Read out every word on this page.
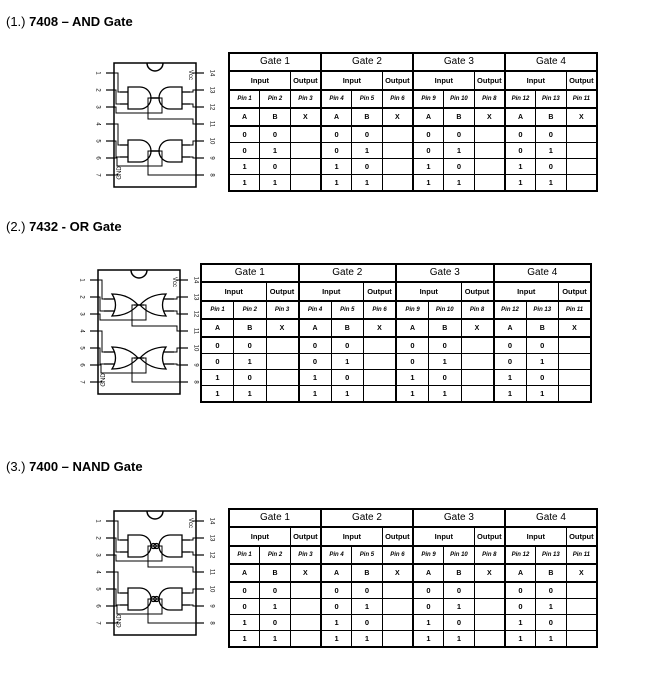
(1.) 7408 – AND Gate
(2.) 7432 - OR Gate
(3.) 7400 – NAND Gate
1	14
2	13
3	12
4	11
5	10
6	9
7	8
Vcc
GND
1	14
2	13
3	12
4	11
5	10
6	9
7	8
Vcc
GND
1	14
2	13
3	12
4	11
5	10
6	9
7	8
Vcc
GND
Gate 1			Gate 2			Gate 3			Gate 4		
Input		Output	Input		Output	Input		Output	Input		Output
Pin 1	Pin 2	Pin 3	Pin 4	Pin 5	Pin 6	Pin 9	Pin 10	Pin 8	Pin 12	Pin 13	Pin 11
A	B	X	A	B	X	A	B	X	A	B	X
0	0		0	0		0	0		0	0	
0	1		0	1		0	1		0	1	
1	0		1	0		1	0		1	0	
1	1		1	1		1	1		1	1	
Gate 1			Gate 2			Gate 3			Gate 4		
Input		Output	Input		Output	Input		Output	Input		Output
Pin 1	Pin 2	Pin 3	Pin 4	Pin 5	Pin 6	Pin 9	Pin 10	Pin 8	Pin 12	Pin 13	Pin 11
A	B	X	A	B	X	A	B	X	A	B	X
0	0		0	0		0	0		0	0	
0	1		0	1		0	1		0	1	
1	0		1	0		1	0		1	0	
1	1		1	1		1	1		1	1	
Gate 1			Gate 2			Gate 3			Gate 4		
Input		Output	Input		Output	Input		Output	Input		Output
Pin 1	Pin 2	Pin 3	Pin 4	Pin 5	Pin 6	Pin 9	Pin 10	Pin 8	Pin 12	Pin 13	Pin 11
A	B	X	A	B	X	A	B	X	A	B	X
0	0		0	0		0	0		0	0	
0	1		0	1		0	1		0	1	
1	0		1	0		1	0		1	0	
1	1		1	1		1	1		1	1	
